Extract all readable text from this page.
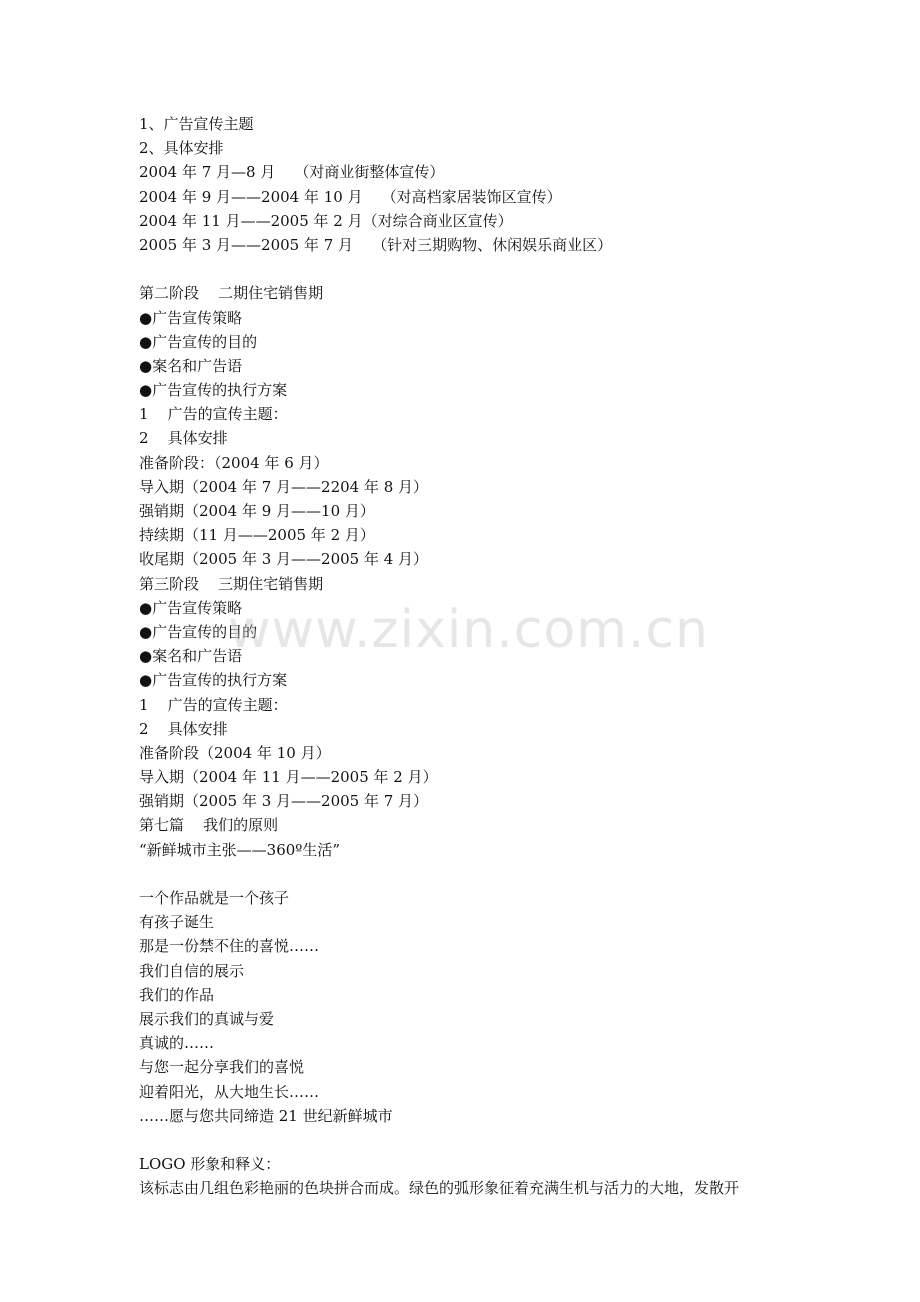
1、广告宣传主题
2、具体安排
2004 年 7 月—8 月    （对商业街整体宣传）
2004 年 9 月——2004 年 10 月    （对高档家居装饰区宣传）
2004 年 11 月——2005 年 2 月（对综合商业区宣传）
2005 年 3 月——2005 年 7 月    （针对三期购物、休闲娱乐商业区）
第二阶段    二期住宅销售期
●广告宣传策略
●广告宣传的目的
●案名和广告语
●广告宣传的执行方案
1    广告的宣传主题：
2    具体安排
准备阶段：（2004 年 6 月）
导入期（2004 年 7 月——2204 年 8 月）
强销期（2004 年 9 月——10 月）
持续期（11 月——2005 年 2 月）
收尾期（2005 年 3 月——2005 年 4 月）
第三阶段    三期住宅销售期
●广告宣传策略
●广告宣传的目的
●案名和广告语
●广告宣传的执行方案
1    广告的宣传主题：
2    具体安排
准备阶段（2004 年 10 月）
导入期（2004 年 11 月——2005 年 2 月）
强销期（2005 年 3 月——2005 年 7 月）
第七篇    我们的原则
“新鲜城市主张——360º生活”
一个作品就是一个孩子
有孩子诞生
那是一份禁不住的喜悦……
我们自信的展示
我们的作品
展示我们的真诚与爱
真诚的……
与您一起分享我们的喜悦
迎着阳光，从大地生长……
……愿与您共同缔造 21 世纪新鲜城市
LOGO 形象和释义：
该标志由几组色彩艳丽的色块拼合而成。绿色的弧形象征着充满生机与活力的大地，发散开
www.zixin.com.cn
